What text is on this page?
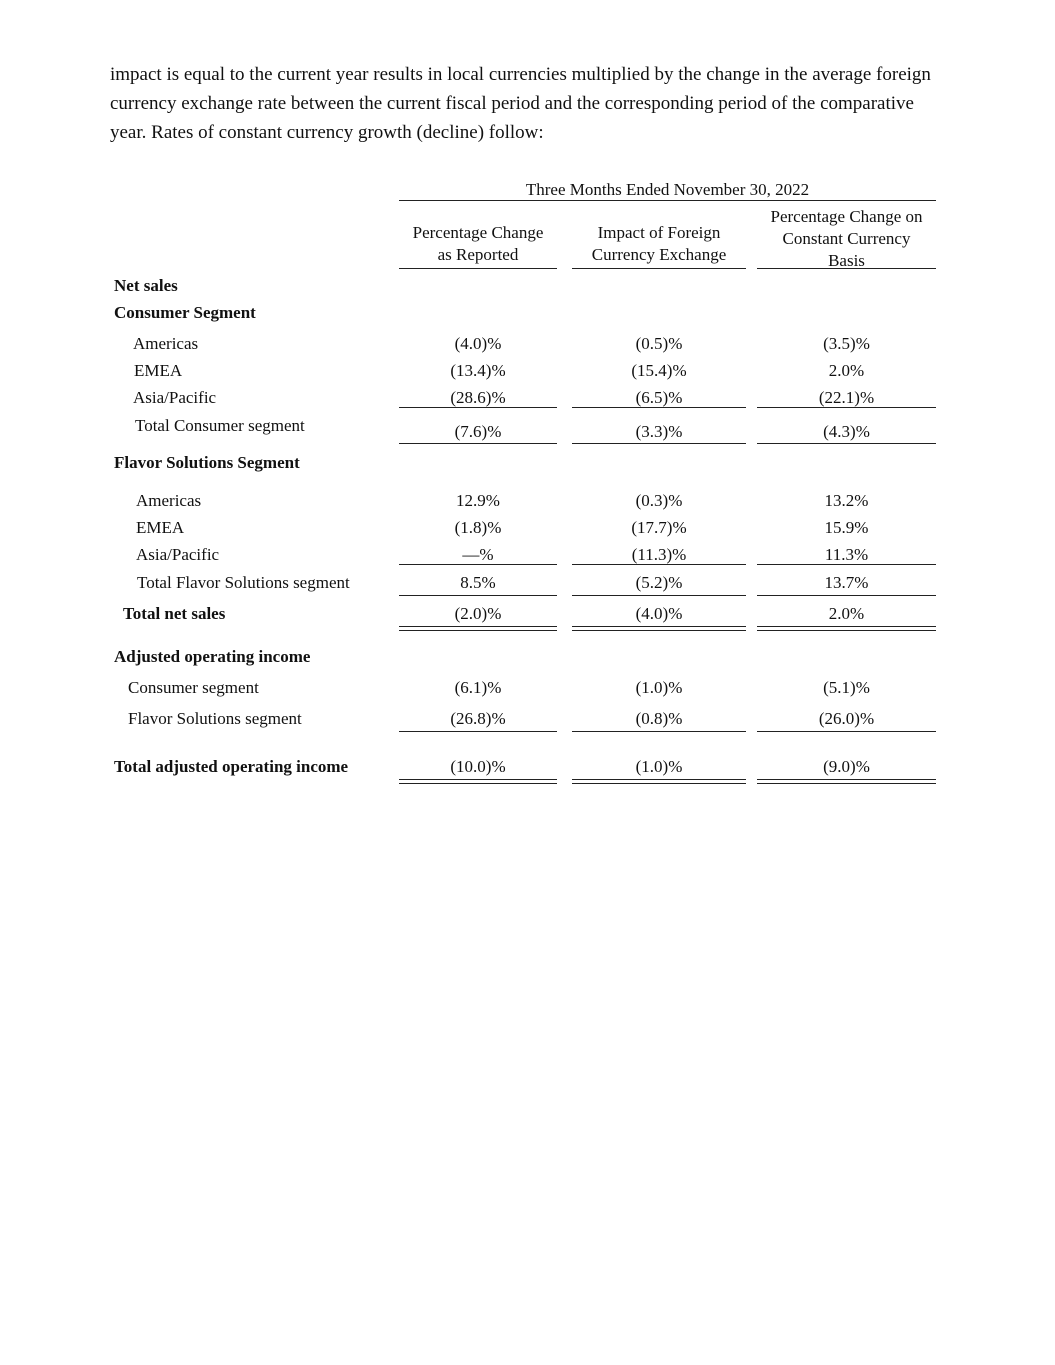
impact is equal to the current year results in local currencies multiplied by the change in the average foreign currency exchange rate between the current fiscal period and the corresponding period of the comparative year. Rates of constant currency growth (decline) follow:

Three Months Ended November 30, 2022
Percentage Change
as Reported
Impact of Foreign
Currency Exchange
Percentage Change on
Constant Currency
Basis
Net sales
Consumer Segment
Americas	(4.0)%	(0.5)%	(3.5)%
EMEA	(13.4)%	(15.4)%	2.0%
Asia/Pacific	(28.6)%	(6.5)%	(22.1)%
Total Consumer segment	(7.6)%	(3.3)%	(4.3)%
Flavor Solutions Segment
Americas	12.9%	(0.3)%	13.2%
EMEA	(1.8)%	(17.7)%	15.9%
Asia/Pacific	—%	(11.3)%	11.3%
Total Flavor Solutions segment	8.5%	(5.2)%	13.7%
Total net sales	(2.0)%	(4.0)%	2.0%
Adjusted operating income
Consumer segment	(6.1)%	(1.0)%	(5.1)%
Flavor Solutions segment	(26.8)%	(0.8)%	(26.0)%
Total adjusted operating income	(10.0)%	(1.0)%	(9.0)%
